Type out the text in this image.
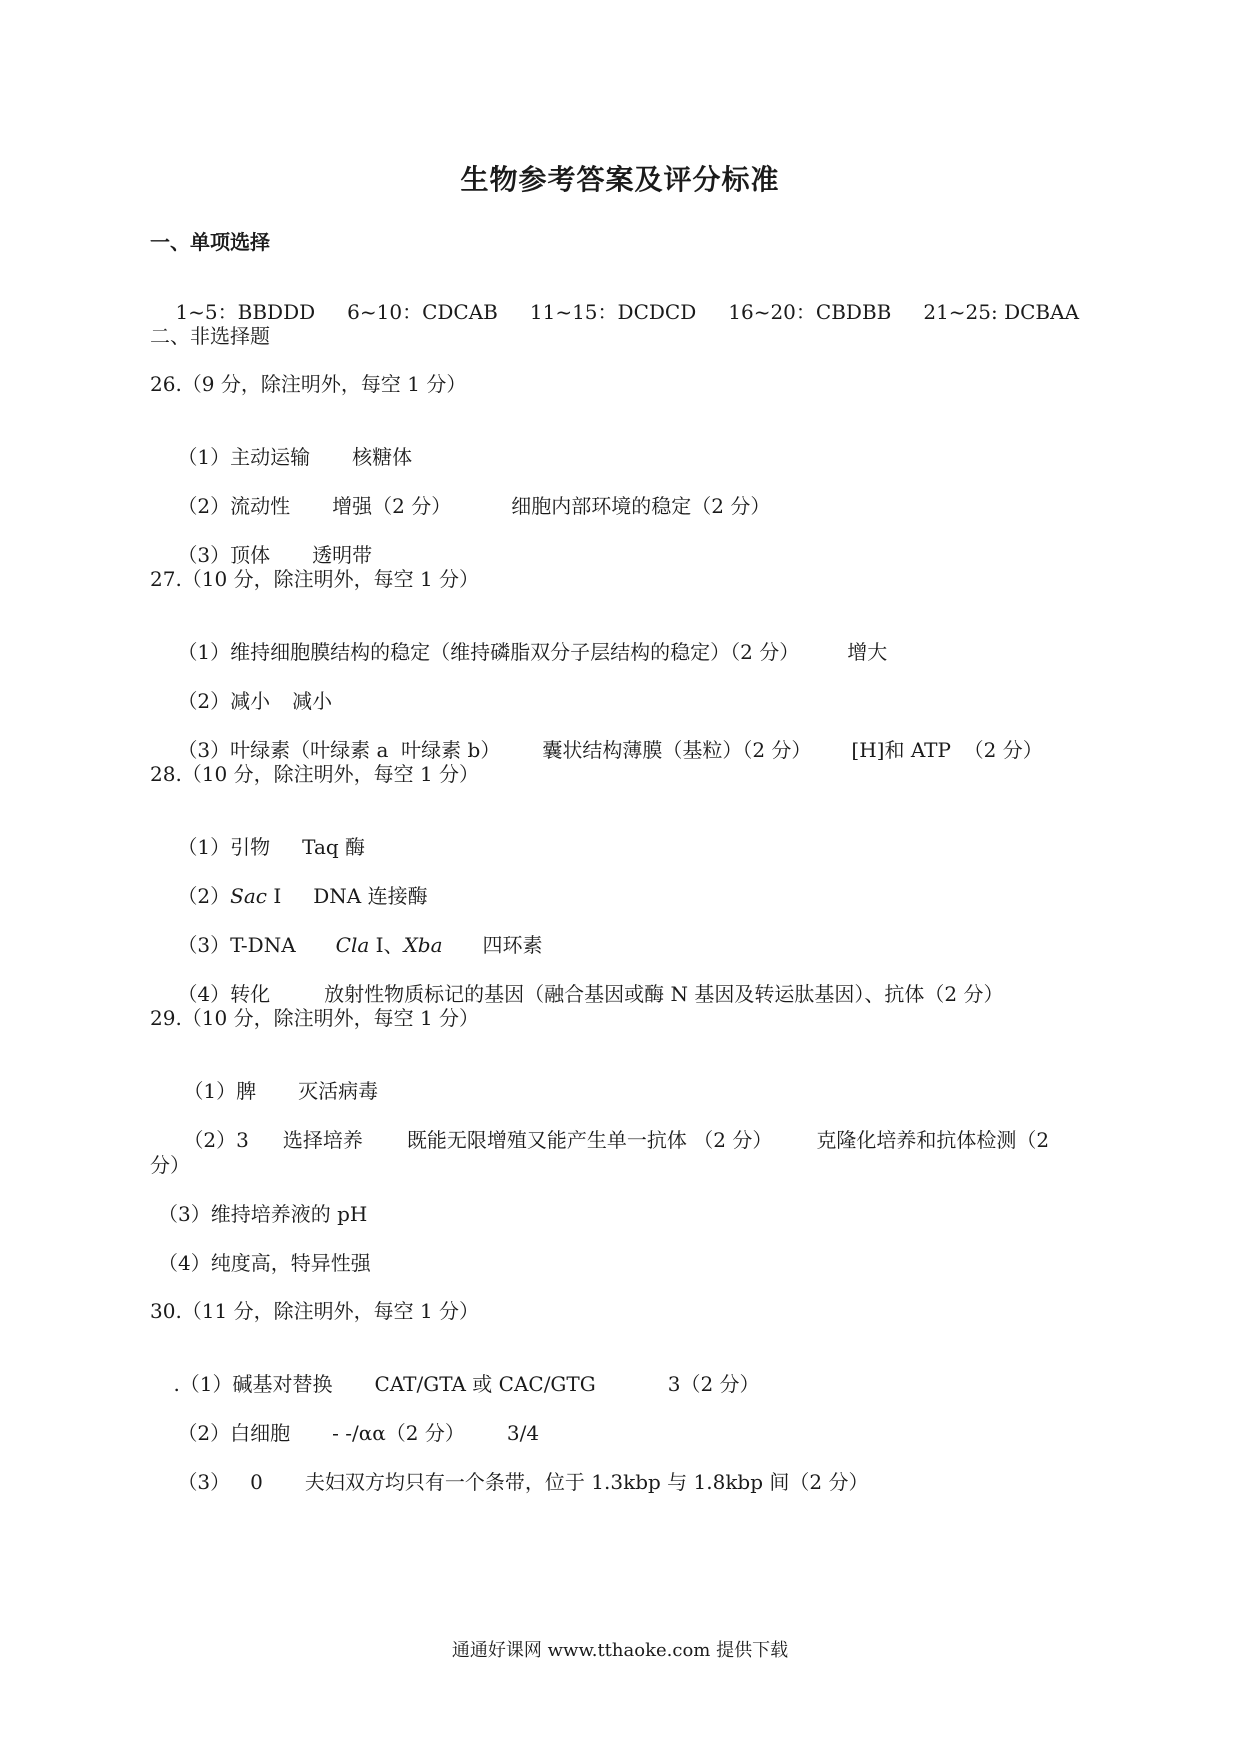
生物参考答案及评分标准
一、单项选择

1~5：BBDDD 6~10：CDCAB 11~15：DCDCD 16~20：CBDBB 21~25: DCBAA

二、非选择题
26.（9 分，除注明外，每空 1 分）

（1）主动运输 核糖体

（2）流动性 增强（2 分）	细胞内部环境的稳定（2 分）

（3）顶体 透明带

27.（10 分，除注明外，每空 1 分）

（1）维持细胞膜结构的稳定（维持磷脂双分子层结构的稳定）（2 分） 增大

（2）减小 减小

（3）叶绿素（叶绿素 a  叶绿素 b） 囊状结构薄膜（基粒）（2 分） [H]和 ATP  （2 分）

28.（10 分，除注明外，每空 1 分）

（1）引物 Taq 酶

（2）Sac I DNA 连接酶

（3）T-DNA Cla I、Xba 四环素

（4）转化	放射性物质标记的基因（融合基因或酶 N 基因及转运肽基因）、抗体（2 分）

29.（10 分，除注明外，每空 1 分）

（1）脾 灭活病毒

（2）3 选择培养 既能无限增殖又能产生单一抗体 （2 分） 克隆化培养和抗体检测（2

分）
（3）维持培养液的 pH
（4）纯度高，特异性强
30.（11 分，除注明外，每空 1 分）

.（1）碱基对替换 CAT/GTA 或 CAC/GTG	3（2 分）

（2）白细胞 - -/αα（2 分） 3/4

（3） 0 夫妇双方均只有一个条带，位于 1.3kbp 与 1.8kbp 间（2 分）

通通好课网 www.tthaoke.com 提供下载
